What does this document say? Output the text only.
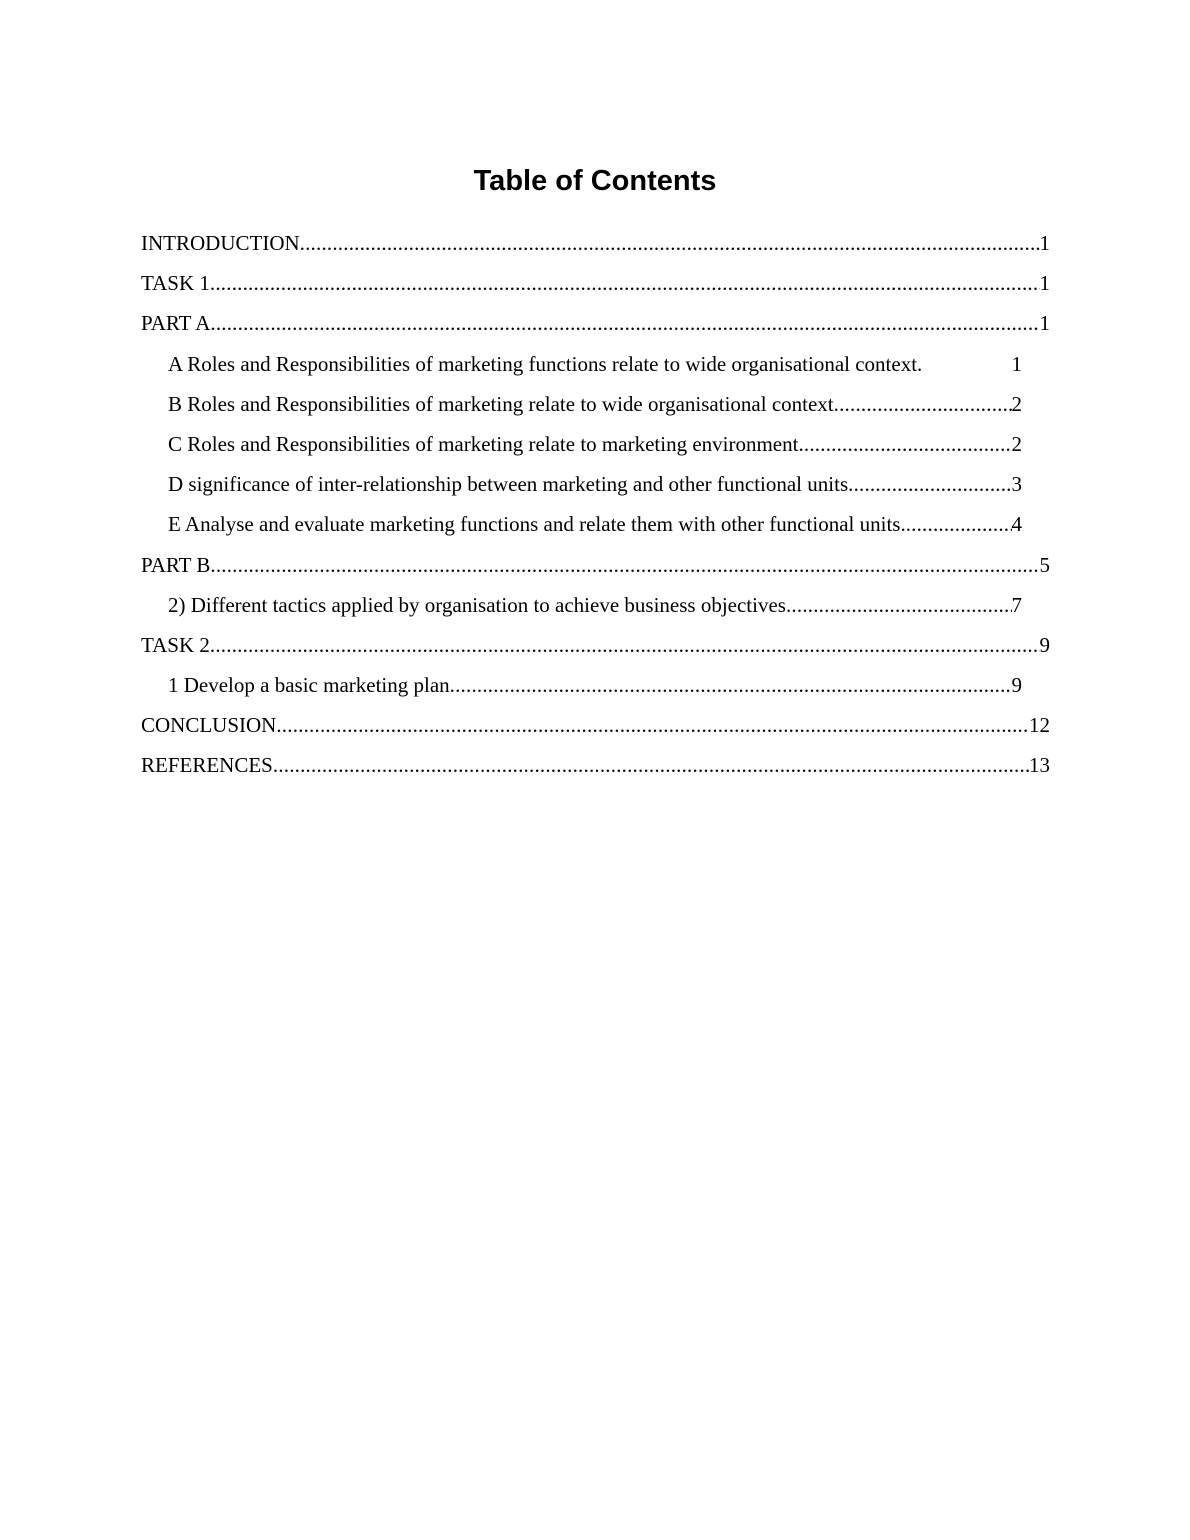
Table of Contents
INTRODUCTION .....	1
TASK 1 .....	1
PART A .....	1
A Roles and Responsibilities of marketing functions relate to wide organisational context.	1
B Roles and Responsibilities of marketing relate to wide organisational context .....	2
C Roles and Responsibilities of marketing relate to marketing environment .....	2
D significance of inter-relationship between marketing and other functional units .....	3
E Analyse and evaluate marketing functions and relate them with other functional units. .....	4
PART B .....	5
2) Different tactics applied by organisation to achieve business objectives .....	7
TASK 2 .....	9
1 Develop a basic marketing plan .....	9
CONCLUSION .....	12
REFERENCES .....	13
